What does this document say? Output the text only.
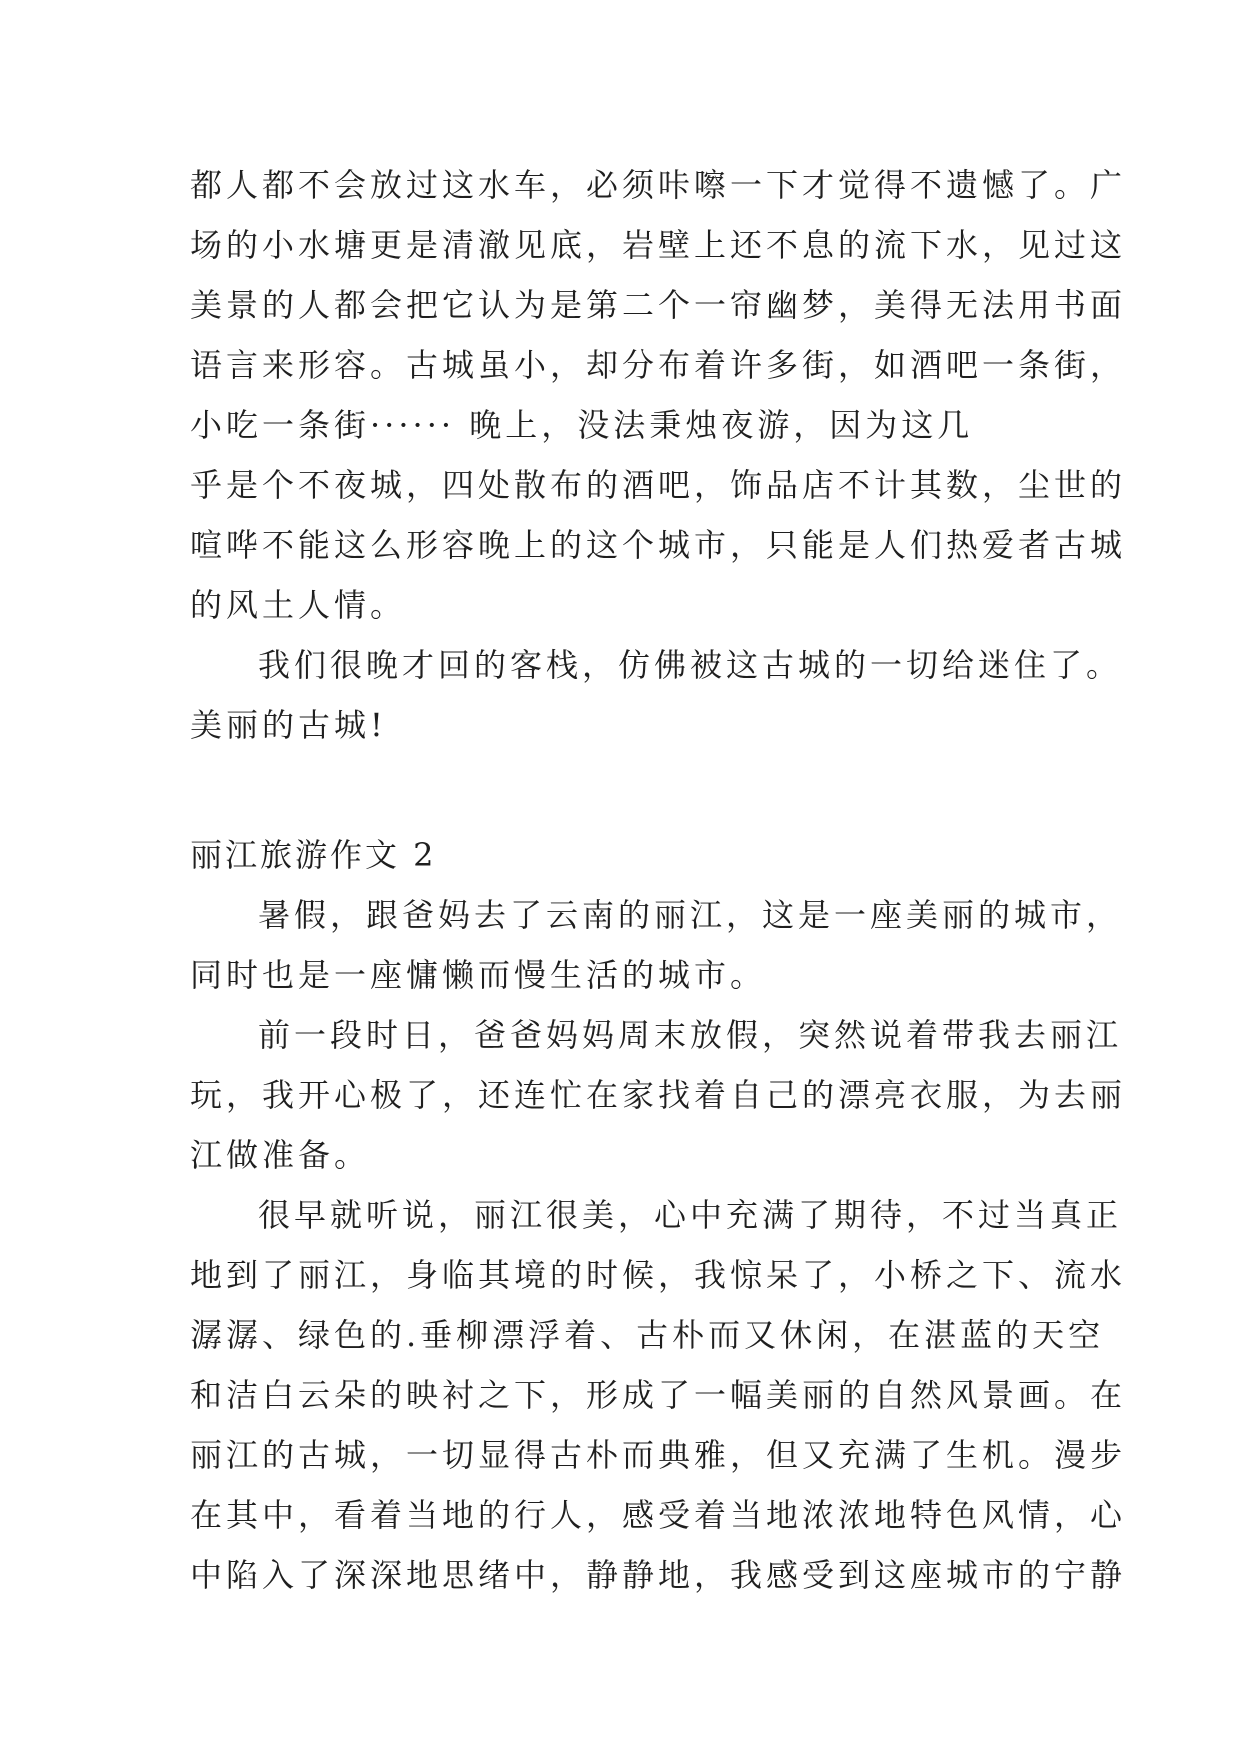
都人都不会放过这水车，必须咔嚓一下才觉得不遗憾了。广
场的小水塘更是清澈见底，岩壁上还不息的流下水，见过这
美景的人都会把它认为是第二个一帘幽梦，美得无法用书面
语言来形容。古城虽小，却分布着许多街，如酒吧一条街，
小吃一条街······ 晚上，没法秉烛夜游，因为这几
乎是个不夜城，四处散布的酒吧，饰品店不计其数，尘世的
喧哗不能这么形容晚上的这个城市，只能是人们热爱者古城
的风土人情。
我们很晚才回的客栈，仿佛被这古城的一切给迷住了。
美丽的古城!
丽江旅游作文 2
暑假，跟爸妈去了云南的丽江，这是一座美丽的城市，
同时也是一座慵懒而慢生活的城市。
前一段时日，爸爸妈妈周末放假，突然说着带我去丽江
玩，我开心极了，还连忙在家找着自己的漂亮衣服，为去丽
江做准备。
很早就听说，丽江很美，心中充满了期待，不过当真正
地到了丽江，身临其境的时候，我惊呆了，小桥之下、流水
潺潺、绿色的.垂柳漂浮着、古朴而又休闲，在湛蓝的天空
和洁白云朵的映衬之下，形成了一幅美丽的自然风景画。在
丽江的古城，一切显得古朴而典雅，但又充满了生机。漫步
在其中，看着当地的行人，感受着当地浓浓地特色风情，心
中陷入了深深地思绪中，静静地，我感受到这座城市的宁静
